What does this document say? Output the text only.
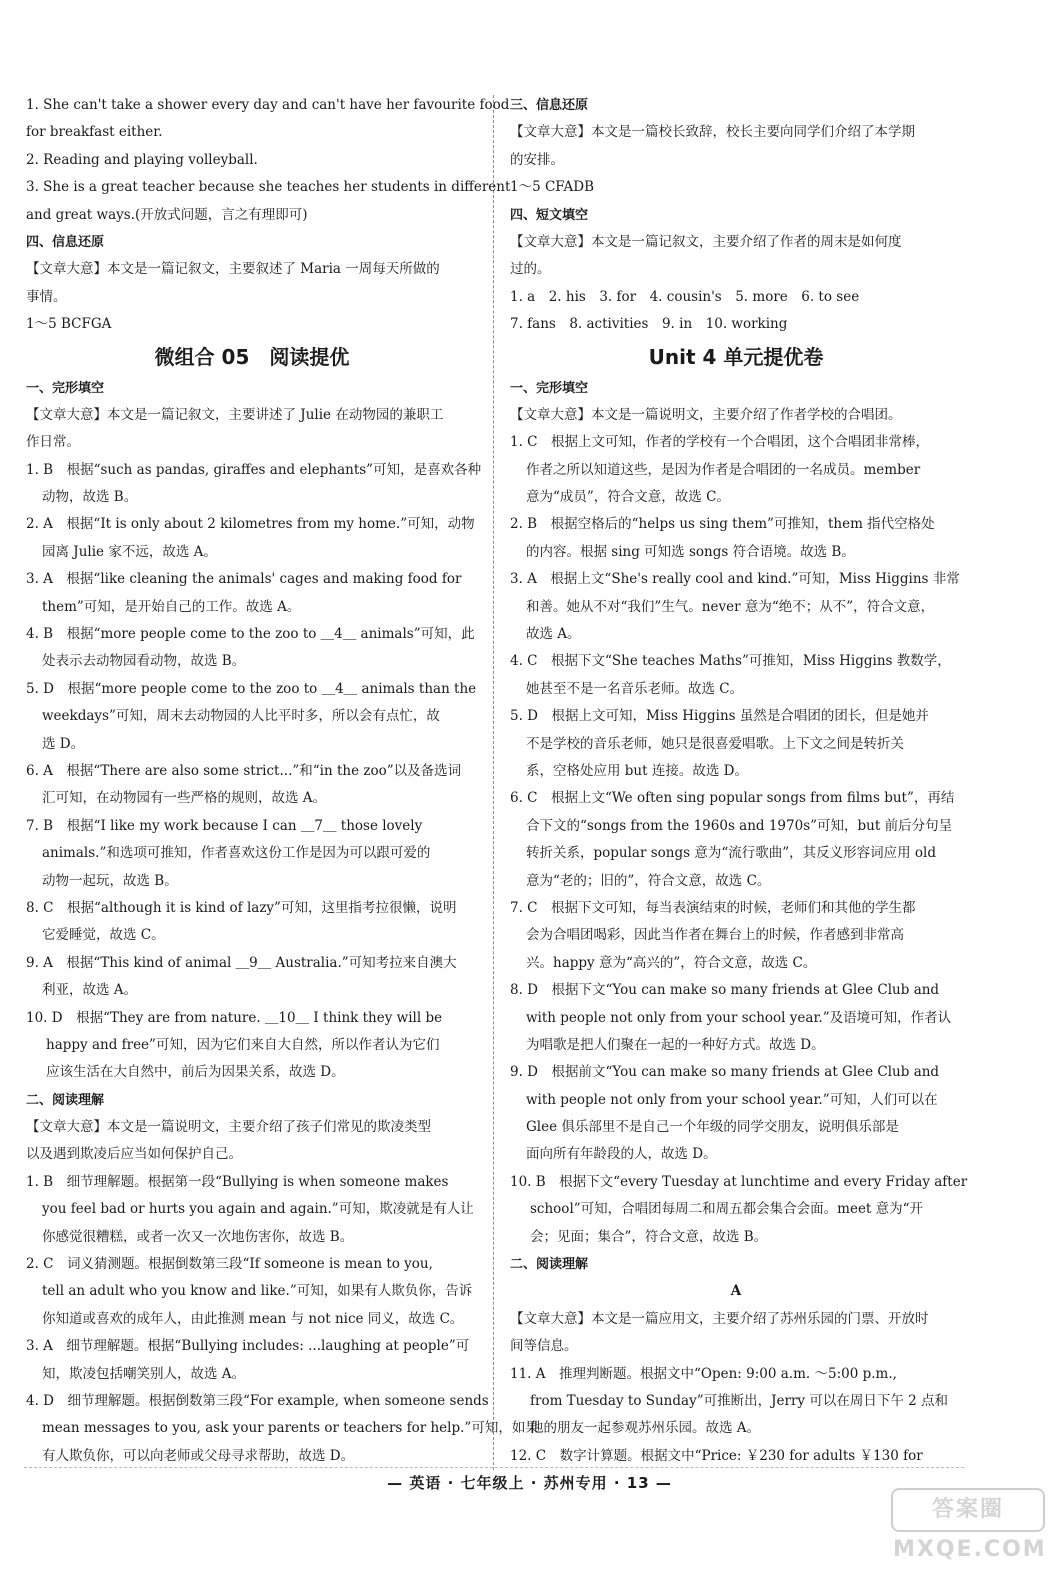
1. She can't take a shower every day and can't have her favourite food
for breakfast either.
2. Reading and playing volleyball.
3. She is a great teacher because she teaches her students in different
and great ways.(开放式问题，言之有理即可)
四、信息还原
【文章大意】本文是一篇记叙文，主要叙述了 Maria 一周每天所做的
事情。
1～5 BCFGA
微组合 05　阅读提优
一、完形填空
【文章大意】本文是一篇记叙文，主要讲述了 Julie 在动物园的兼职工
作日常。
1. B　根据“such as pandas, giraffes and elephants”可知，是喜欢各种
动物，故选 B。
2. A　根据“It is only about 2 kilometres from my home.”可知，动物
园离 Julie 家不远，故选 A。
3. A　根据“like cleaning the animals' cages and making food for
them”可知，是开始自己的工作。故选 A。
4. B　根据“more people come to the zoo to ＿4＿ animals”可知，此
处表示去动物园看动物，故选 B。
5. D　根据“more people come to the zoo to ＿4＿ animals than the
weekdays”可知，周末去动物园的人比平时多，所以会有点忙，故
选 D。
6. A　根据“There are also some strict...”和“in the zoo”以及备选词
汇可知，在动物园有一些严格的规则，故选 A。
7. B　根据“I like my work because I can ＿7＿ those lovely
animals.”和选项可推知，作者喜欢这份工作是因为可以跟可爱的
动物一起玩，故选 B。
8. C　根据“although it is kind of lazy”可知，这里指考拉很懒，说明
它爱睡觉，故选 C。
9. A　根据“This kind of animal ＿9＿ Australia.”可知考拉来自澳大
利亚，故选 A。
10. D　根据“They are from nature. ＿10＿ I think they will be
happy and free”可知，因为它们来自大自然，所以作者认为它们
应该生活在大自然中，前后为因果关系，故选 D。
二、阅读理解
【文章大意】本文是一篇说明文，主要介绍了孩子们常见的欺凌类型
以及遇到欺凌后应当如何保护自己。
1. B　细节理解题。根据第一段“Bullying is when someone makes
you feel bad or hurts you again and again.”可知，欺凌就是有人让
你感觉很糟糕，或者一次又一次地伤害你，故选 B。
2. C　词义猜测题。根据倒数第三段“If someone is mean to you,
tell an adult who you know and like.”可知，如果有人欺负你，告诉
你知道或喜欢的成年人，由此推测 mean 与 not nice 同义，故选 C。
3. A　细节理解题。根据“Bullying includes: ...laughing at people”可
知，欺凌包括嘲笑别人，故选 A。
4. D　细节理解题。根据倒数第三段“For example, when someone sends
mean messages to you, ask your parents or teachers for help.”可知，如果
有人欺负你，可以向老师或父母寻求帮助，故选 D。
三、信息还原
【文章大意】本文是一篇校长致辞，校长主要向同学们介绍了本学期
的安排。
1～5 CFADB
四、短文填空
【文章大意】本文是一篇记叙文，主要介绍了作者的周末是如何度
过的。
1. a　2. his　3. for　4. cousin's　5. more　6. to see
7. fans　8. activities　9. in　10. working
Unit 4 单元提优卷
一、完形填空
【文章大意】本文是一篇说明文，主要介绍了作者学校的合唱团。
1. C　根据上文可知，作者的学校有一个合唱团，这个合唱团非常棒，
作者之所以知道这些，是因为作者是合唱团的一名成员。member
意为“成员”，符合文意，故选 C。
2. B　根据空格后的“helps us sing them”可推知，them 指代空格处
的内容。根据 sing 可知选 songs 符合语境。故选 B。
3. A　根据上文“She's really cool and kind.”可知，Miss Higgins 非常
和善。她从不对“我们”生气。never 意为“绝不；从不”，符合文意，
故选 A。
4. C　根据下文“She teaches Maths”可推知，Miss Higgins 教数学，
她甚至不是一名音乐老师。故选 C。
5. D　根据上文可知，Miss Higgins 虽然是合唱团的团长，但是她并
不是学校的音乐老师，她只是很喜爱唱歌。上下文之间是转折关
系，空格处应用 but 连接。故选 D。
6. C　根据上文“We often sing popular songs from films but”，再结
合下文的“songs from the 1960s and 1970s”可知，but 前后分句呈
转折关系，popular songs 意为“流行歌曲”，其反义形容词应用 old
意为“老的；旧的”，符合文意，故选 C。
7. C　根据下文可知，每当表演结束的时候，老师们和其他的学生都
会为合唱团喝彩，因此当作者在舞台上的时候，作者感到非常高
兴。happy 意为“高兴的”，符合文意，故选 C。
8. D　根据下文“You can make so many friends at Glee Club and
with people not only from your school year.”及语境可知，作者认
为唱歌是把人们聚在一起的一种好方式。故选 D。
9. D　根据前文“You can make so many friends at Glee Club and
with people not only from your school year.”可知，人们可以在
Glee 俱乐部里不是自己一个年级的同学交朋友，说明俱乐部是
面向所有年龄段的人，故选 D。
10. B　根据下文“every Tuesday at lunchtime and every Friday after
school”可知，合唱团每周二和周五都会集合会面。meet 意为“开
会；见面；集合”，符合文意，故选 B。
二、阅读理解
A
【文章大意】本文是一篇应用文，主要介绍了苏州乐园的门票、开放时
间等信息。
11. A　推理判断题。根据文中“Open: 9:00 a.m. ～5:00 p.m.,
from Tuesday to Sunday”可推断出，Jerry 可以在周日下午 2 点和
他的朋友一起参观苏州乐园。故选 A。
12. C　数字计算题。根据文中“Price: ￥230 for adults ￥130 for
— 英语 · 七年级上 · 苏州专用 · 13 —
答案圈 MXQE.COM
